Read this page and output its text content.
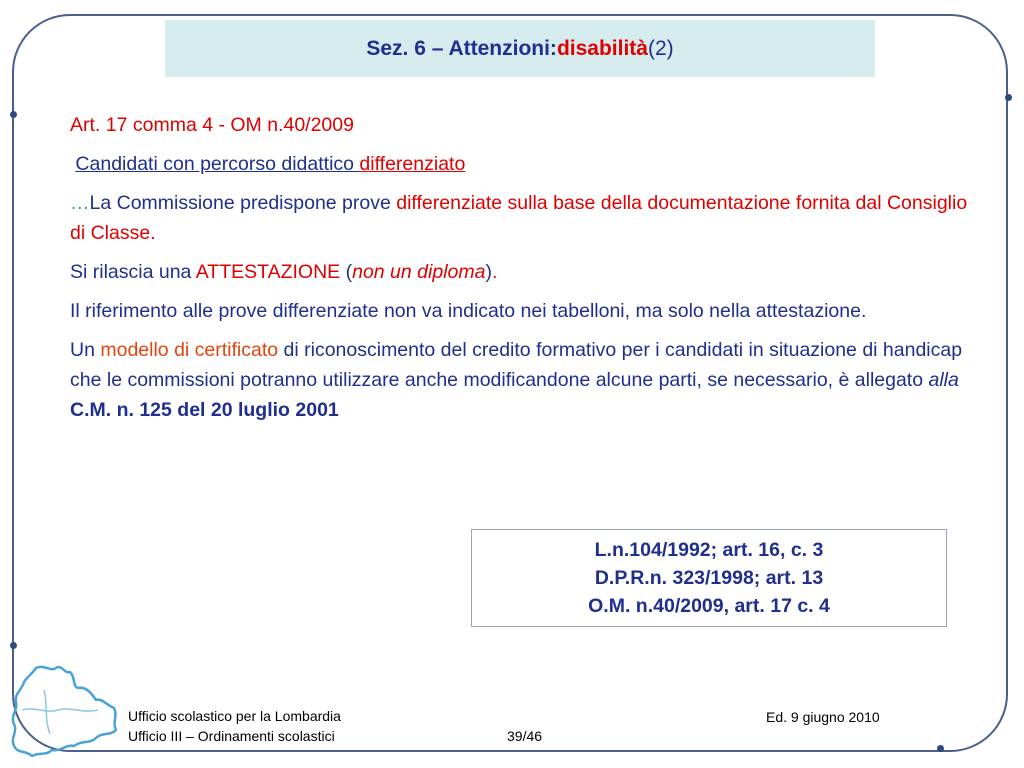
Sez. 6 – Attenzioni: disabilità (2)

Art. 17 comma 4 - OM n.40/2009

Candidati con percorso didattico differenziato

…La Commissione predispone prove differenziate sulla base della documentazione fornita dal Consiglio di Classe.

Si rilascia una ATTESTAZIONE (non un diploma).

Il riferimento alle prove differenziate non va indicato nei tabelloni, ma solo nella attestazione.

Un modello di certificato di riconoscimento del credito formativo per i candidati in situazione di handicap che le commissioni potranno utilizzare anche modificandone alcune parti, se necessario, è allegato alla C.M. n. 125 del 20 luglio 2001

L.n.104/1992; art. 16, c. 3
D.P.R.n. 323/1998; art. 13
O.M. n.40/2009, art. 17 c. 4
Ufficio scolastico per la Lombardia
Ufficio III – Ordinamenti scolastici	39/46
Ed. 9 giugno 2010
